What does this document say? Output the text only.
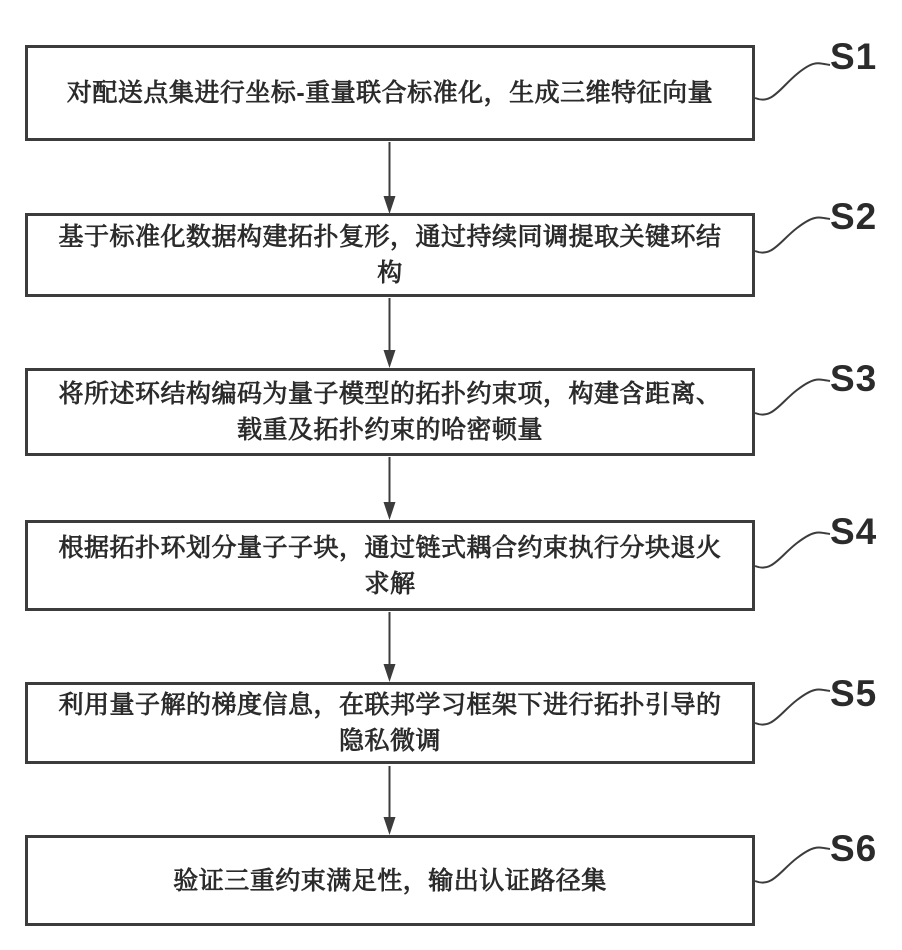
对配送点集进行坐标-重量联合标准化，生成三维特征向量
基于标准化数据构建拓扑复形，通过持续同调提取关键环结
构
将所述环结构编码为量子模型的拓扑约束项，构建含距离、
载重及拓扑约束的哈密顿量
根据拓扑环划分量子子块，通过链式耦合约束执行分块退火
求解
利用量子解的梯度信息，在联邦学习框架下进行拓扑引导的
隐私微调
验证三重约束满足性，输出认证路径集
S1
S2
S3
S4
S5
S6
